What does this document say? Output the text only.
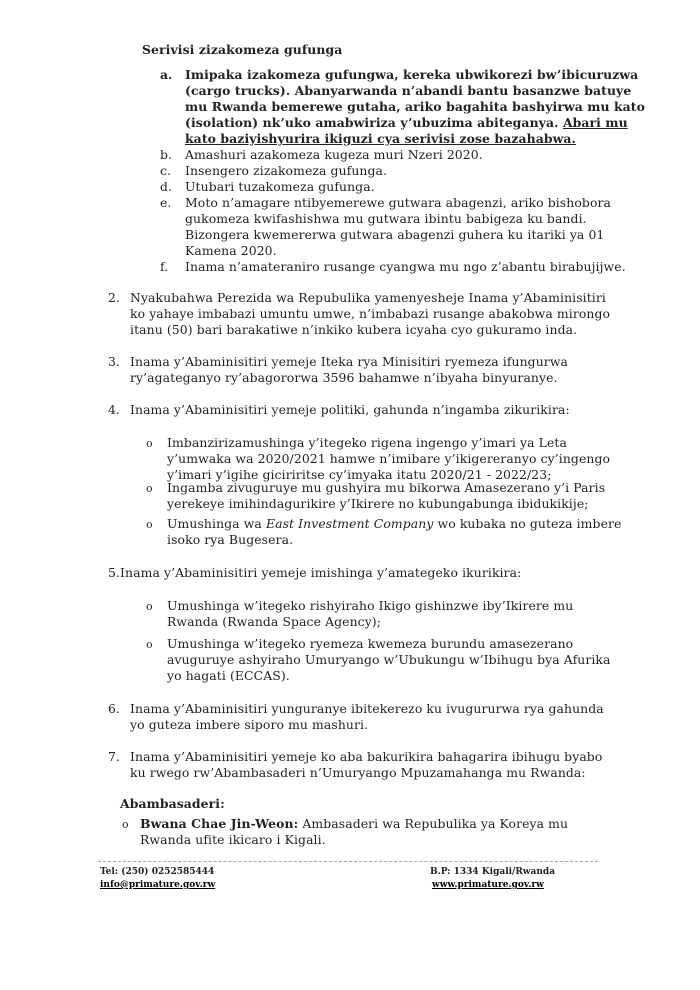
Serivisi zizakomeza gufunga
a. Imipaka izakomeza gufungwa, kereka ubwikorezi bw’ibicuruzwa
(cargo trucks). Abanyarwanda n’abandi bantu basanzwe batuye
mu Rwanda bemerewe gutaha, ariko bagahita bashyirwa mu kato
(isolation) nk’uko amabwiriza y’ubuzima abiteganya. Abari mu
kato baziyishyurira ikiguzi cya serivisi zose bazahabwa.
b. Amashuri azakomeza kugeza muri Nzeri 2020.
c. Insengero zizakomeza gufunga.
d. Utubari tuzakomeza gufunga.
e. Moto n’amagare ntibyemerewe gutwara abagenzi, ariko bishobora
gukomeza kwifashishwa mu gutwara ibintu babigeza ku bandi.
Bizongera kwemererwa gutwara abagenzi guhera ku itariki ya 01
Kamena 2020.
f. Inama n’amateraniro rusange cyangwa mu ngo z’abantu birabujijwe.
2. Nyakubahwa Perezida wa Repubulika yamenyesheje Inama y’Abaminisitiri
ko yahaye imbabazi umuntu umwe, n’imbabazi rusange abakobwa mirongo
itanu (50) bari barakatiwe n’inkiko kubera icyaha cyo gukuramo inda.
3. Inama y’Abaminisitiri yemeje Iteka rya Minisitiri ryemeza ifungurwa
ry’agateganyo ry’abagororwa 3596 bahamwe n’ibyaha binyuranye.
4. Inama y’Abaminisitiri yemeje politiki, gahunda n’ingamba zikurikira:
o Imbanzirizamushinga y’itegeko rigena ingengo y’imari ya Leta
y’umwaka wa 2020/2021 hamwe n’imibare y’ikigereranyo cy’ingengo
y’imari y’igihe giciriritse cy’imyaka itatu 2020/21 - 2022/23;
o Ingamba zivuguruye mu gushyira mu bikorwa Amasezerano y’i Paris
yerekeye imihindagurikire y’Ikirere no kubungabunga ibidukikije;
o Umushinga wa East Investment Company wo kubaka no guteza imbere
isoko rya Bugesera.
5.Inama y’Abaminisitiri yemeje imishinga y’amategeko ikurikira:
o Umushinga w’itegeko rishyiraho Ikigo gishinzwe iby’Ikirere mu
Rwanda (Rwanda Space Agency);
o Umushinga w’itegeko ryemeza kwemeza burundu amasezerano
avuguruye ashyiraho Umuryango w’Ubukungu w’Ibihugu bya Afurika
yo hagati (ECCAS).
6. Inama y’Abaminisitiri yunguranye ibitekerezo ku ivugururwa rya gahunda
yo guteza imbere siporo mu mashuri.
7. Inama y’Abaminisitiri yemeje ko aba bakurikira bahagarira ibihugu byabo
ku rwego rw’Abambasaderi n’Umuryango Mpuzamahanga mu Rwanda:
Abambasaderi:
o Bwana Chae Jin-Weon: Ambasaderi wa Repubulika ya Koreya mu
Rwanda ufite ikicaro i Kigali.
Tel: (250) 0252585444
info@primature.gov.rw
B.P: 1334 Kigali/Rwanda
www.primature.gov.rw
